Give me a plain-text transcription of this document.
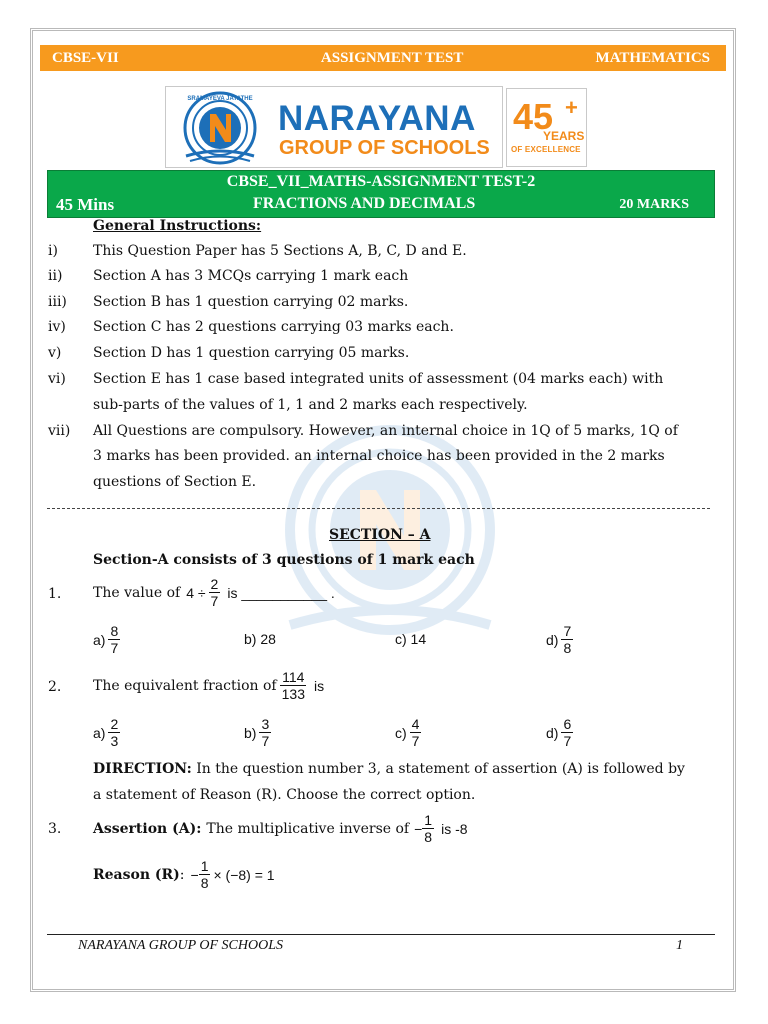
CBSE-VII	ASSIGNMENT TEST	MATHEMATICS
SRAMAYEVA JAYATHE NARAYANA
GROUP OF SCHOOLS
45 +
YEARS
OF EXCELLENCE
CBSE_VII_MATHS-ASSIGNMENT TEST-2
45 Mins	FRACTIONS AND DECIMALS	20 MARKS
General Instructions:
i)	This Question Paper has 5 Sections A, B, C, D and E.
ii) Section A has 3 MCQs carrying 1 mark each
iii) Section B has 1 question carrying 02 marks.
iv) Section C has 2 questions carrying 03 marks each.
v) Section D has 1 question carrying 05 marks.
vi) Section E has 1 case based integrated units of assessment (04 marks each) with
sub-parts of the values of 1, 1 and 2 marks each respectively.
vii) All Questions are compulsory. However, an internal choice in 1Q of 5 marks, 1Q of
3 marks has been provided. an internal choice has been provided in the 2 marks
questions of Section E.
SECTION – A
Section-A consists of 3 questions of 1 mark each
1. The value of $4 \div \frac{2}{7}$ is ___________ .
$a) \frac{8}{7}$	b) 28	c) 14	$d) \frac{7}{8}$
2. The equivalent fraction of $\frac{114}{133}$ is
$a) \frac{2}{3}$	$b) \frac{3}{7}$	$c) \frac{4}{7}$	$d) \frac{6}{7}$
DIRECTION: In the question number 3, a statement of assertion (A) is followed by
a statement of Reason (R). Choose the correct option.
3. Assertion (A): The multiplicative inverse of − $\frac{1}{8}$ is -8
Reason (R) : − $\frac{1}{8} \times (-8) = 1$
NARAYANA GROUP OF SCHOOLS	1
